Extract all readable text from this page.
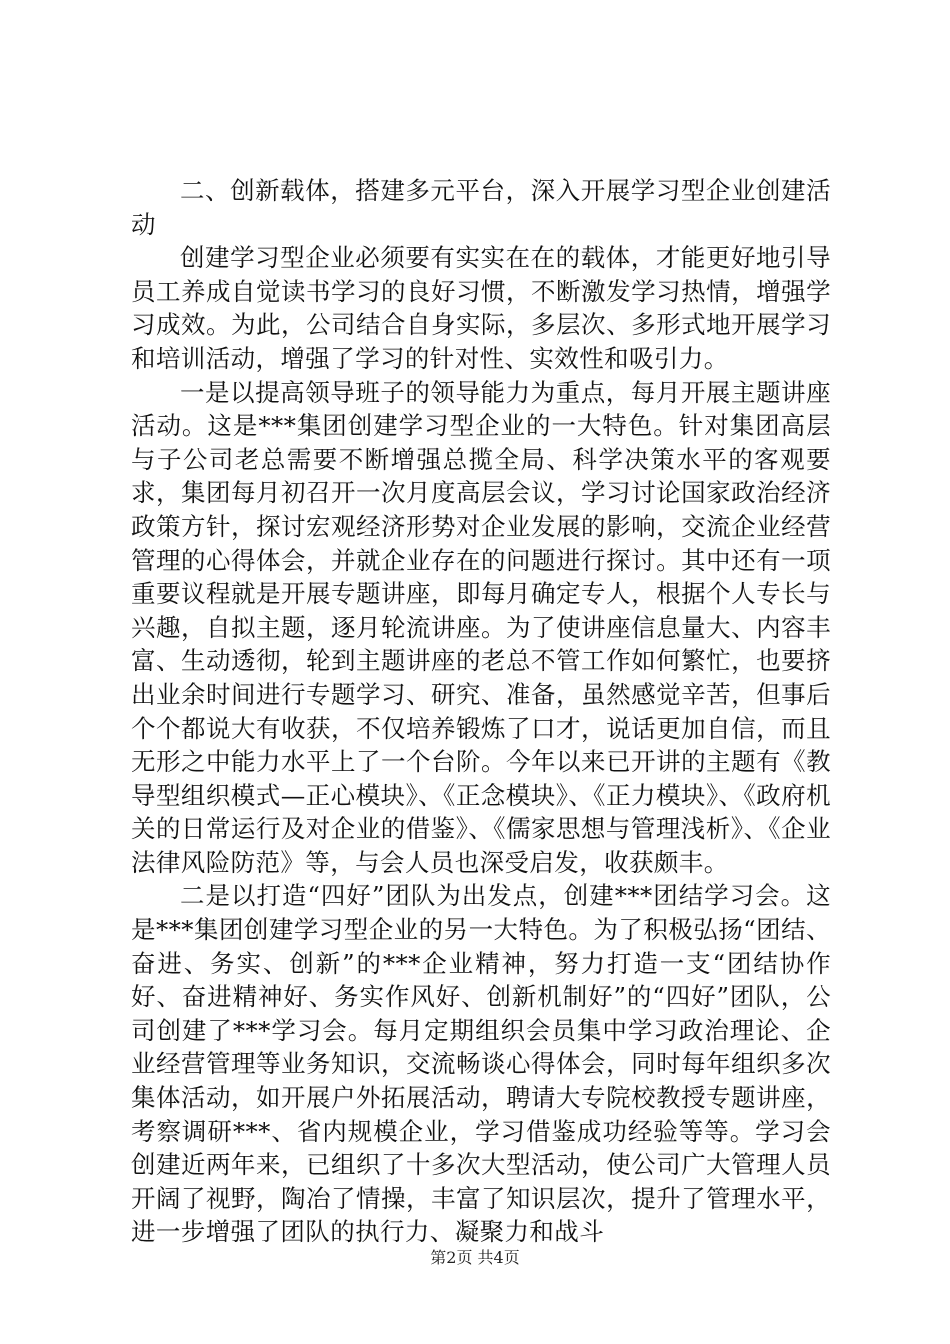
二、创新载体，搭建多元平台，深入开展学习型企业创建活动

创建学习型企业必须要有实实在在的载体，才能更好地引导员工养成自觉读书学习的良好习惯，不断激发学习热情，增强学习成效。为此，公司结合自身实际，多层次、多形式地开展学习和培训活动，增强了学习的针对性、实效性和吸引力。

一是以提高领导班子的领导能力为重点，每月开展主题讲座活动。这是***集团创建学习型企业的一大特色。针对集团高层与子公司老总需要不断增强总揽全局、科学决策水平的客观要求，集团每月初召开一次月度高层会议，学习讨论国家政治经济政策方针，探讨宏观经济形势对企业发展的影响，交流企业经营管理的心得体会，并就企业存在的问题进行探讨。其中还有一项重要议程就是开展专题讲座，即每月确定专人，根据个人专长与兴趣，自拟主题，逐月轮流讲座。为了使讲座信息量大、内容丰富、生动透彻，轮到主题讲座的老总不管工作如何繁忙，也要挤出业余时间进行专题学习、研究、准备，虽然感觉辛苦，但事后个个都说大有收获，不仅培养锻炼了口才，说话更加自信，而且无形之中能力水平上了一个台阶。今年以来已开讲的主题有《教导型组织模式—正心模块》、《正念模块》、《正力模块》、《政府机关的日常运行及对企业的借鉴》、《儒家思想与管理浅析》、《企业法律风险防范》等，与会人员也深受启发，收获颇丰。

二是以打造“四好”团队为出发点，创建***团结学习会。这是***集团创建学习型企业的另一大特色。为了积极弘扬“团结、奋进、务实、创新”的***企业精神，努力打造一支“团结协作好、奋进精神好、务实作风好、创新机制好”的“四好”团队，公司创建了***学习会。每月定期组织会员集中学习政治理论、企业经营管理等业务知识，交流畅谈心得体会，同时每年组织多次集体活动，如开展户外拓展活动，聘请大专院校教授专题讲座，考察调研***、省内规模企业，学习借鉴成功经验等等。学习会创建近两年来，已组织了十多次大型活动，使公司广大管理人员开阔了视野，陶冶了情操，丰富了知识层次，提升了管理水平，进一步增强了团队的执行力、凝聚力和战斗

第2页 共4页
